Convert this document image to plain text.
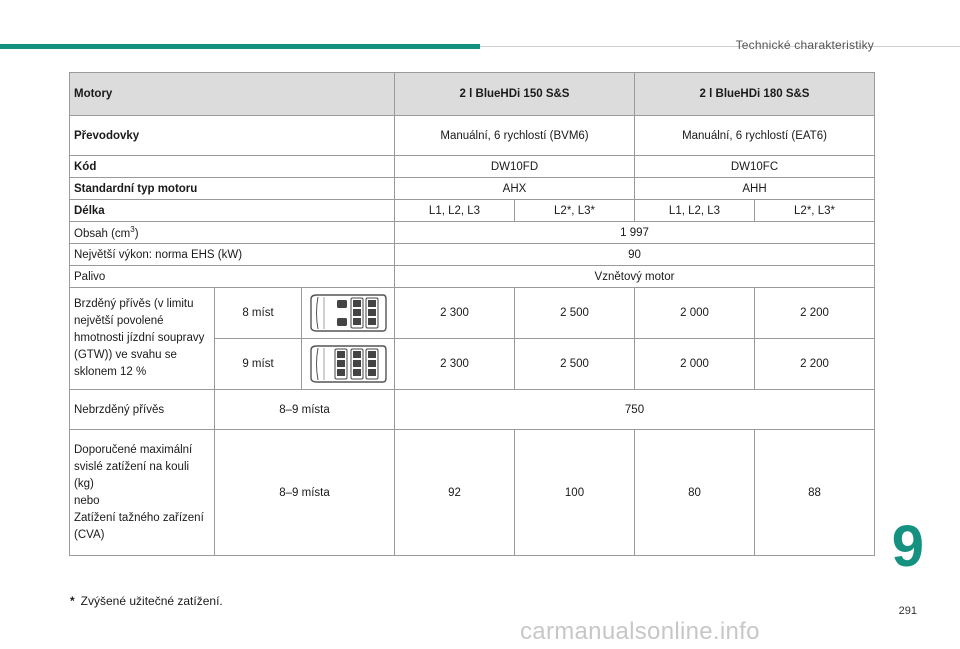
Technické charakteristiky
Motory			2 l BlueHDi 150 S&S		2 l BlueHDi 180 S&S	
Převodovky			Manuální, 6 rychlostí (BVM6)		Manuální, 6 rychlostí (EAT6)	
Kód			DW10FD		DW10FC	
Standardní typ motoru			AHX		AHH	
Délka			L1, L2, L3	L2*, L3*	L1, L2, L3	L2*, L3*
Obsah $(cm^3)$			1 997			
Největší výkon: norma EHS (kW)			90			
Palivo			Vznětový motor			
Brzděný přívěs (v limitu největší povolené hmotnosti jízdní soupravy (GTW)) ve svahu se sklonem 12 %	8 míst		2 300	2 500	2 000	2 200
	9 míst		2 300	2 500	2 000	2 200
Nebrzděný přívěs	8–9 místa		750			

Doporučené maximální
svislé zatížení na kouli (kg)
nebo
Zatížení tažného zařízení
(CVA)	8–9 místa		92	100	80	88
* Zvýšené užitečné zatížení.
9
291
carmanualsonline.info
